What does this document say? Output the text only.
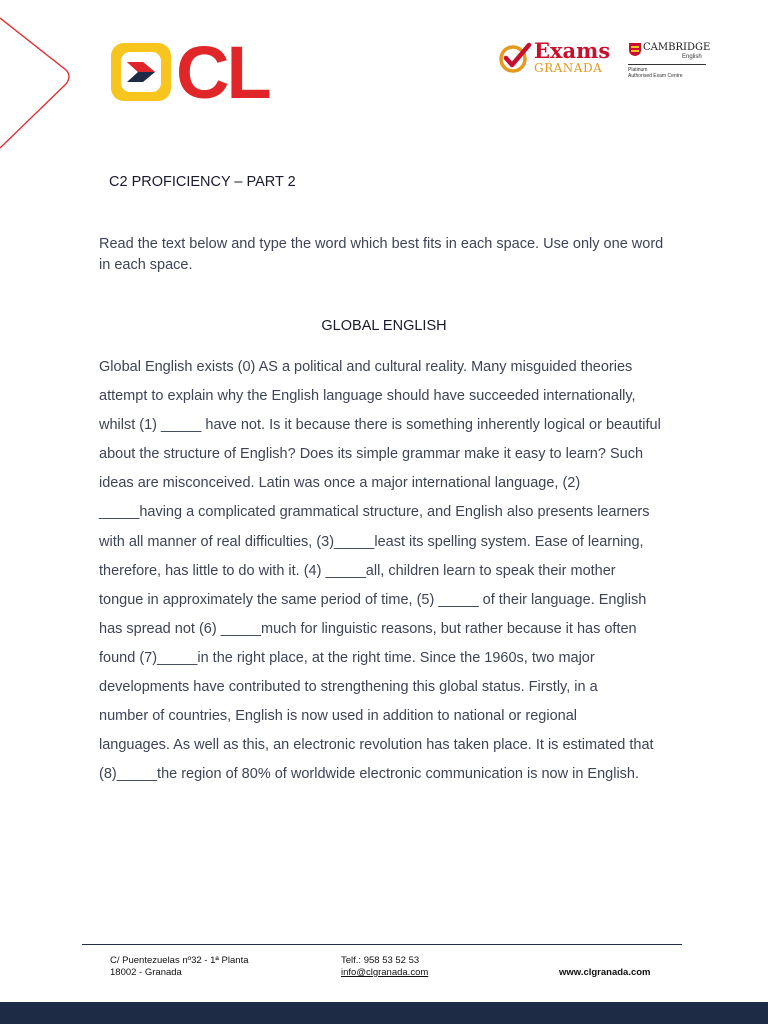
CL	Exams
GRANADA
CAMBRIDGE
English
Platinum
Authorised Exam Centre
C2 PROFICIENCY – PART 2

Read the text below and type the word which best fits in each space. Use only one word in each space.

GLOBAL ENGLISH

Global English exists (0) AS a political and cultural reality. Many misguided theories
attempt to explain why the English language should have succeeded internationally,
whilst (1) _____ have not. Is it because there is something inherently logical or beautiful
about the structure of English? Does its simple grammar make it easy to learn? Such
ideas are misconceived. Latin was once a major international language, (2)
_____having a complicated grammatical structure, and English also presents learners
with all manner of real difficulties, (3)_____least its spelling system. Ease of learning,
therefore, has little to do with it. (4) _____all, children learn to speak their mother
tongue in approximately the same period of time, (5) _____ of their language. English
has spread not (6) _____much for linguistic reasons, but rather because it has often
found (7)_____in the right place, at the right time. Since the 1960s, two major
developments have contributed to strengthening this global status. Firstly, in a
number of countries, English is now used in addition to national or regional
languages. As well as this, an electronic revolution has taken place. It is estimated that
(8)_____the region of 80% of worldwide electronic communication is now in English.

C/ Puentezuelas nº32 - 1ª Planta
18002 - Granada
Telf.: 958 53 52 53
info@clgranada.com	www.clgranada.com
